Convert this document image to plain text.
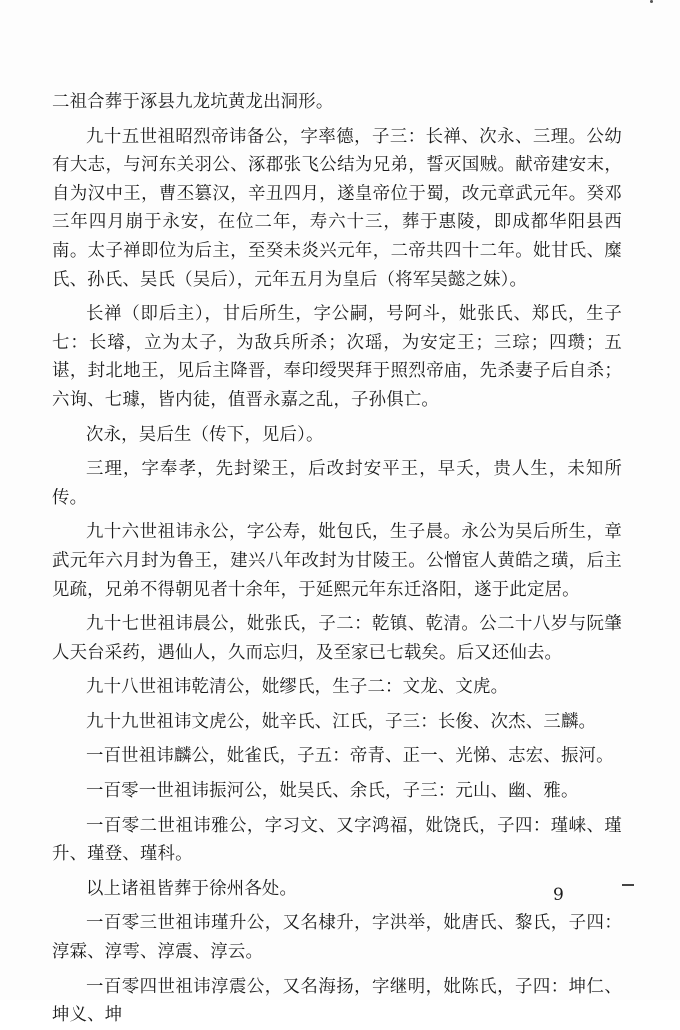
二祖合葬于涿县九龙坑黄龙出洞形。

九十五世祖昭烈帝讳备公，字率德，子三：长禅、次永、三理。公幼有大志，与河东关羽公、涿郡张飞公结为兄弟，誓灭国贼。献帝建安末，自为汉中王，曹丕篡汉，辛丑四月，遂皇帝位于蜀，改元章武元年。癸邓三年四月崩于永安，在位二年，寿六十三，葬于惠陵，即成都华阳县西南。太子禅即位为后主，至癸未炎兴元年，二帝共四十二年。妣甘氏、糜氏、孙氏、吴氏（吴后），元年五月为皇后（将军吴懿之妹）。

长禅（即后主），甘后所生，字公嗣，号阿斗，妣张氏、郑氏，生子七：长璿，立为太子，为敌兵所杀；次瑶，为安定王；三琮；四瓒；五谌，封北地王，见后主降晋，奉印绶哭拜于照烈帝庙，先杀妻子后自杀；六询、七璩，皆内徒，值晋永嘉之乱，子孙俱亡。

次永，吴后生（传下，见后）。

三理，字奉孝，先封梁王，后改封安平王，早夭，贵人生，未知所传。

九十六世祖讳永公，字公寿，妣包氏，生子晨。永公为吴后所生，章武元年六月封为鲁王，建兴八年改封为甘陵王。公憎宦人黄皓之璜，后主见疏，兄弟不得朝见者十余年，于延熙元年东迁洛阳，遂于此定居。

九十七世祖讳晨公，妣张氏，子二：乾镇、乾清。公二十八岁与阮肇人天台采药，遇仙人，久而忘归，及至家已七载矣。后又还仙去。

九十八世祖讳乾清公，妣缪氏，生子二：文龙、文虎。

九十九世祖讳文虎公，妣辛氏、江氏，子三：长俊、次杰、三麟。

一百世祖讳麟公，妣雀氏，子五：帝青、正一、光悌、志宏、振河。

一百零一世祖讳振河公，妣吴氏、余氏，子三：元山、幽、雅。

一百零二世祖讳雅公，字习文、又字鸿福，妣饶氏，子四：瑾崃、瑾升、瑾登、瑾科。

以上诸祖皆葬于徐州各处。

一百零三世祖讳瑾升公，又名棣升，字洪举，妣唐氏、黎氏，子四：淳霖、淳雩、淳震、淳云。

一百零四世祖讳淳震公，又名海扬，字继明，妣陈氏，子四：坤仁、坤义、坤

9
